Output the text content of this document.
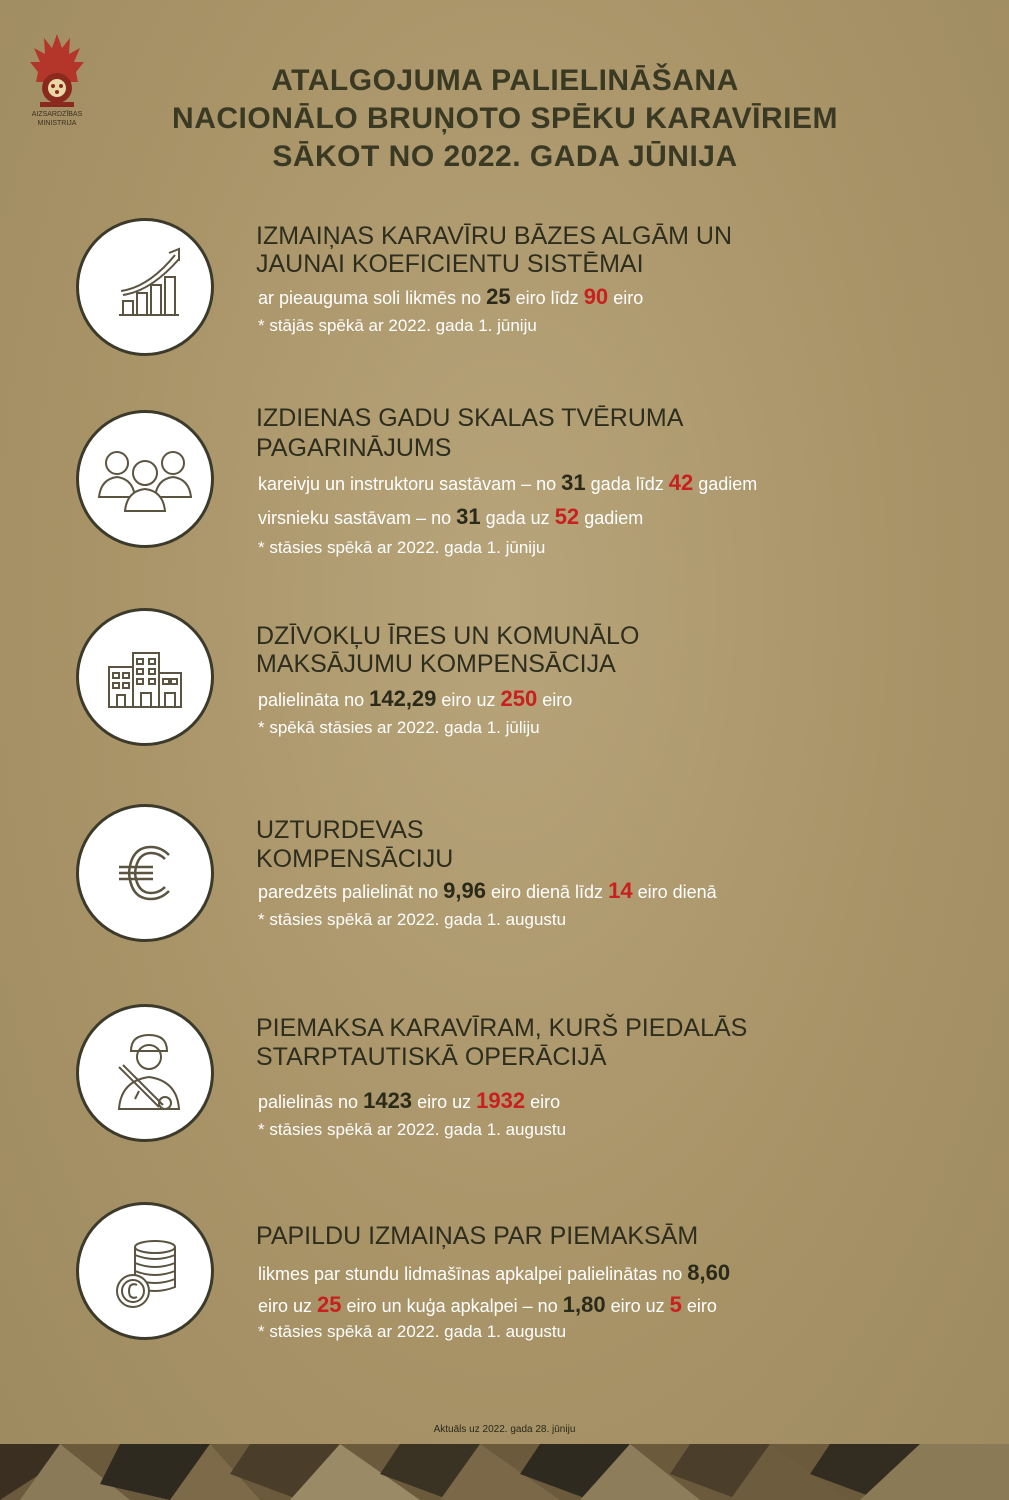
AIZSARDZĪBAS
MINISTRIJA
ATALGOJUMA PALIELINĀŠANA
NACIONĀLO BRUŅOTO SPĒKU KARAVĪRIEM
SĀKOT NO 2022. GADA JŪNIJA
IZMAIŅAS KARAVĪRU BĀZES ALGĀM UN
JAUNAI KOEFICIENTU SISTĒMAI
ar pieauguma soli likmēs no 25 eiro līdz 90 eiro
* stājās spēkā ar 2022. gada 1. jūniju
IZDIENAS GADU SKALAS TVĒRUMA
PAGARINĀJUMS
kareivju un instruktoru sastāvam – no 31 gada līdz 42 gadiem
virsnieku sastāvam – no 31 gada uz 52 gadiem
* stāsies spēkā ar 2022. gada 1. jūniju
DZĪVOKĻU ĪRES UN KOMUNĀLO
MAKSĀJUMU KOMPENSĀCIJA
palielināta no 142,29 eiro uz 250 eiro
* spēkā stāsies ar 2022. gada 1. jūliju
UZTURDEVAS
KOMPENSĀCIJU
paredzēts palielināt no 9,96 eiro dienā līdz 14 eiro dienā
* stāsies spēkā ar 2022. gada 1. augustu
PIEMAKSA KARAVĪRAM, KURŠ PIEDALĀS
STARPTAUTISKĀ OPERĀCIJĀ
palielinās no 1423 eiro uz 1932 eiro
* stāsies spēkā ar 2022. gada 1. augustu
PAPILDU IZMAIŅAS PAR PIEMAKSĀM
likmes par stundu lidmašīnas apkalpei palielinātas no 8,60
eiro uz 25 eiro un kuģa apkalpei – no 1,80 eiro uz 5 eiro
* stāsies spēkā ar 2022. gada 1. augustu
Aktuāls uz 2022. gada 28. jūniju
